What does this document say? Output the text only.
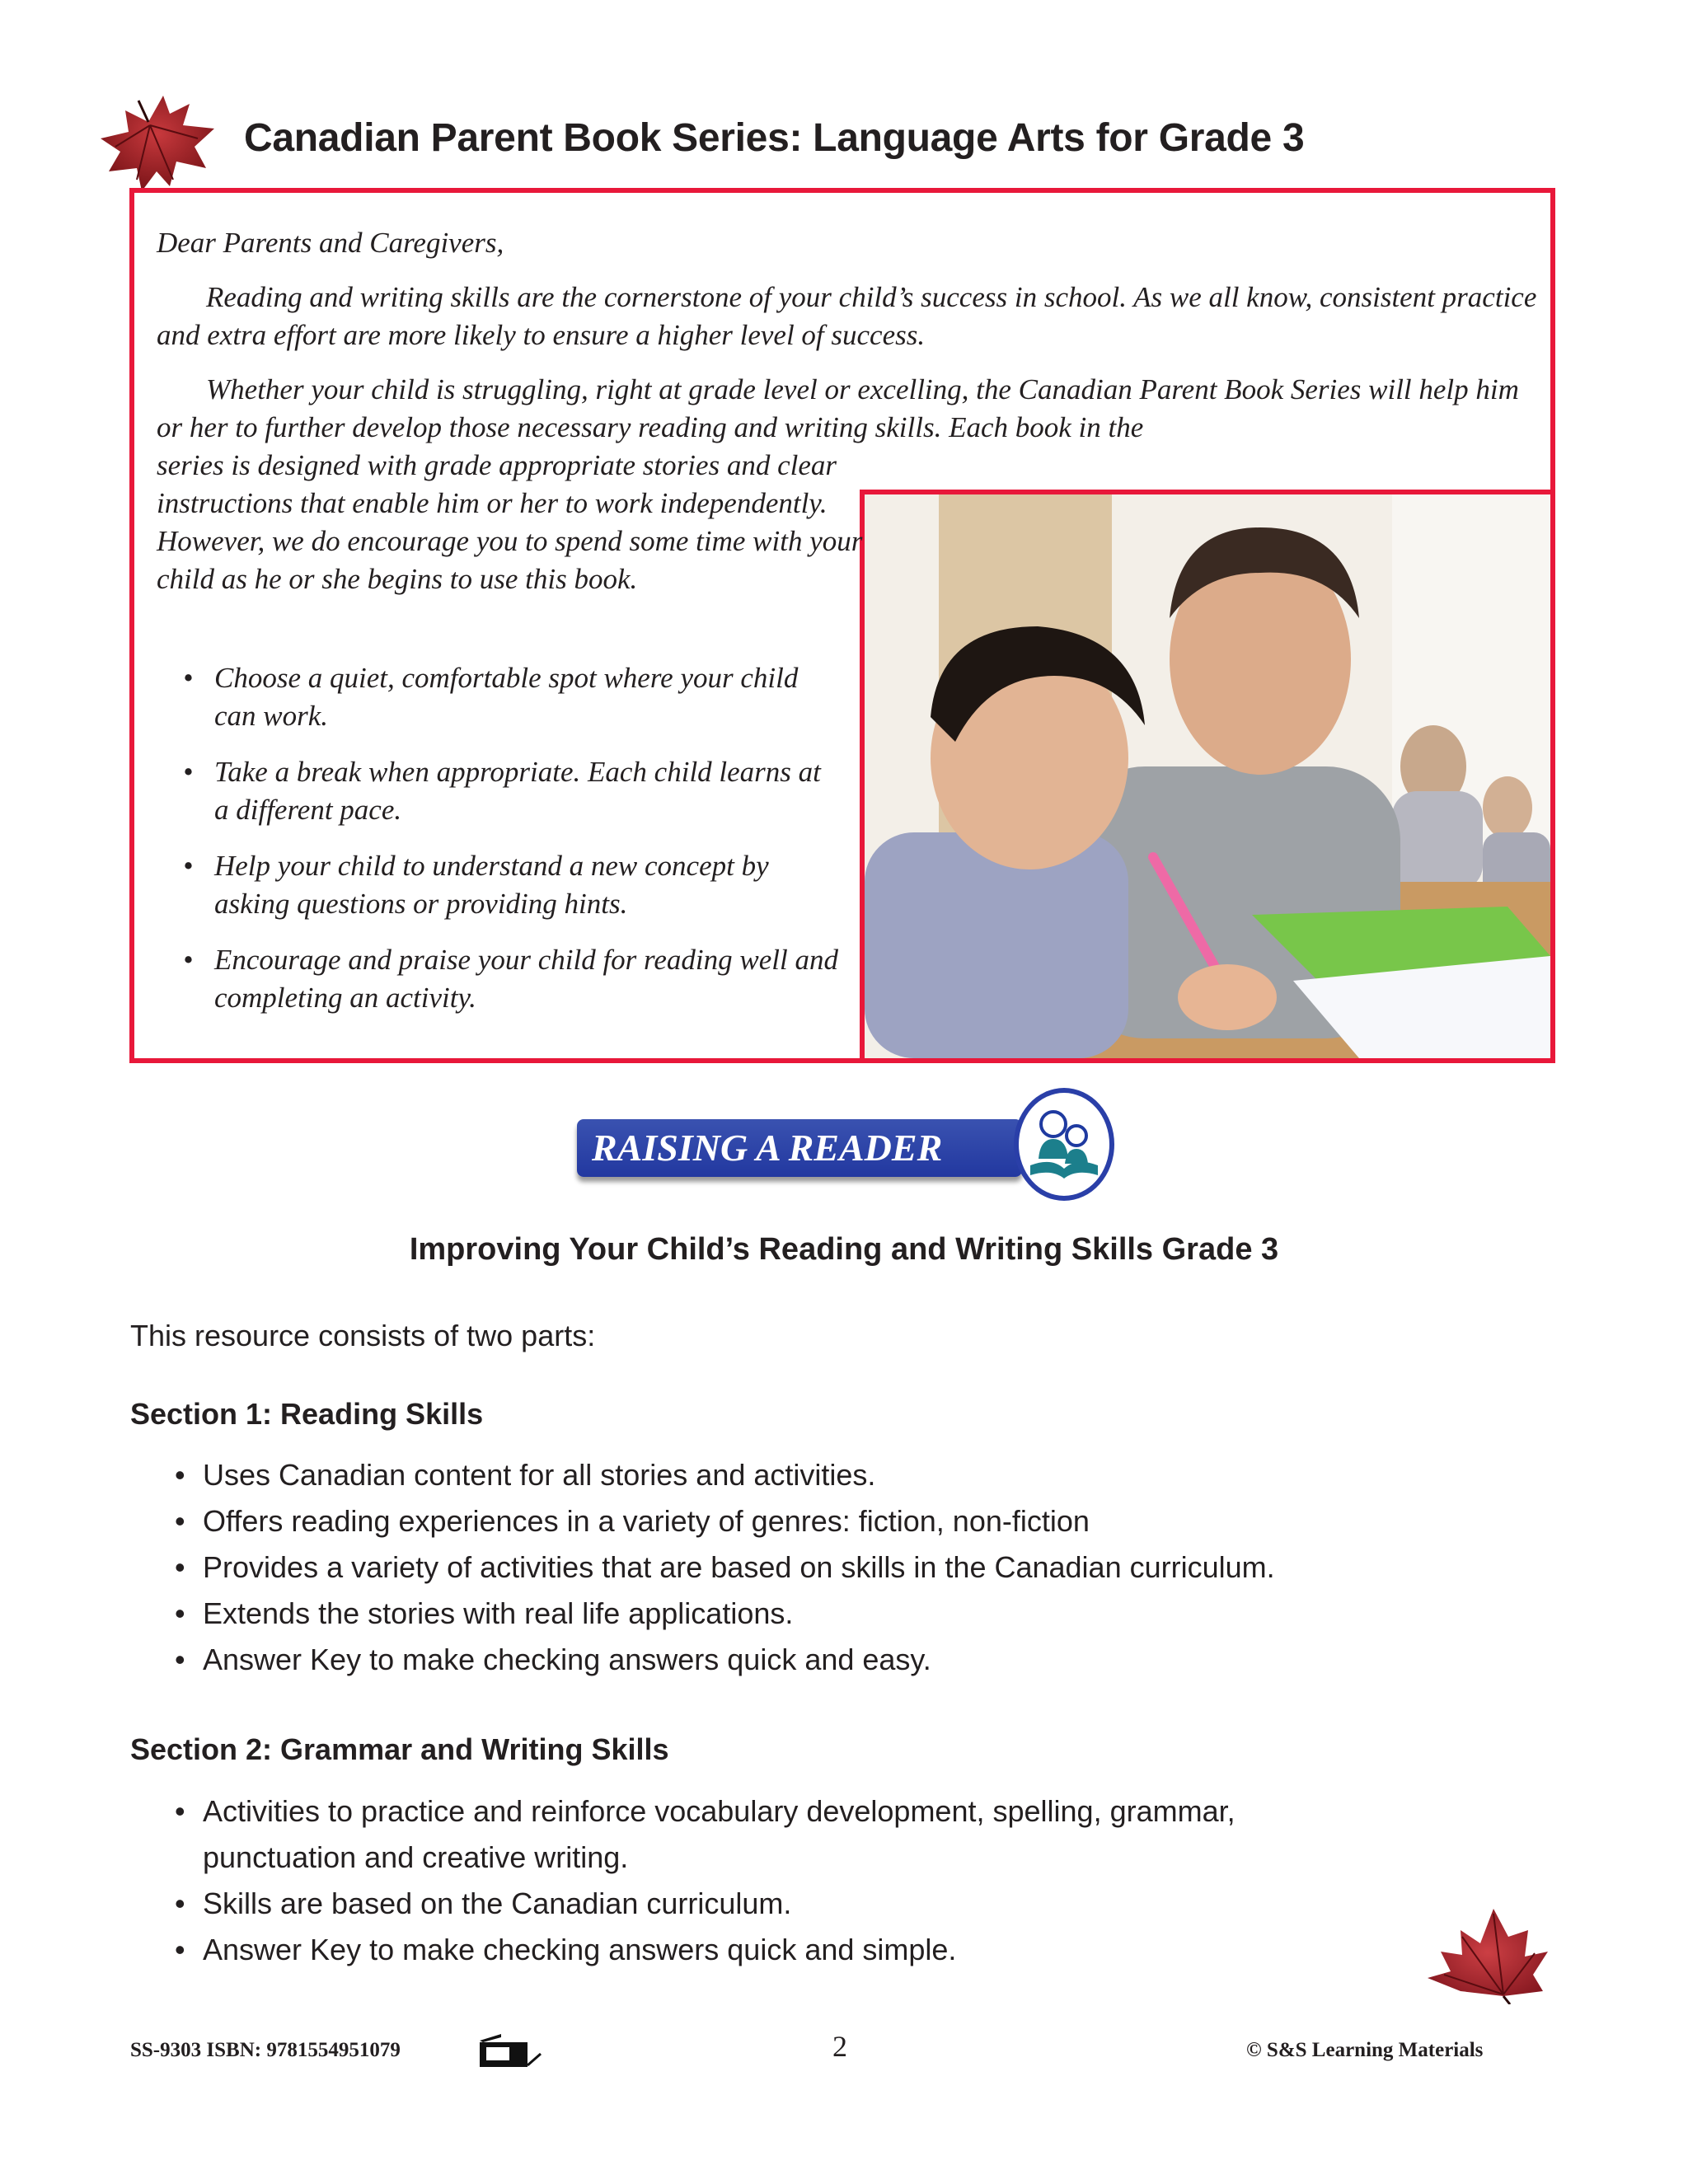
Canadian Parent Book Series: Language Arts for Grade 3

Dear Parents and Caregivers,

Reading and writing skills are the cornerstone of your child’s success in school. As we all know, consistent practice and extra effort are more likely to ensure a higher level of success.

Whether your child is struggling, right at grade level or excelling, the Canadian Parent Book Series will help him or her to further develop those necessary reading and writing skills. Each book in the

series is designed with grade appropriate stories and clear instructions that enable him or her to work independently. However, we do encourage you to spend some time with your child as he or she begins to use this book.

• Choose a quiet, comfortable spot where your child can work.
• Take a break when appropriate. Each child learns at a different pace.
• Help your child to understand a new concept by asking questions or providing hints.
• Encourage and praise your child for reading well and completing an activity.
RAISING A READER
Improving Your Child’s Reading and Writing Skills Grade 3
This resource consists of two parts:
Section 1: Reading Skills
• Uses Canadian content for all stories and activities.
• Offers reading experiences in a variety of genres: fiction, non-fiction
• Provides a variety of activities that are based on skills in the Canadian curriculum.
• Extends the stories with real life applications.
• Answer Key to make checking answers quick and easy.
Section 2: Grammar and Writing Skills
• Activities to practice and reinforce vocabulary development, spelling, grammar, punctuation and creative writing.
• Skills are based on the Canadian curriculum.
• Answer Key to make checking answers quick and simple.
SS-9303 ISBN: 9781554951079	2	© S&S Learning Materials
